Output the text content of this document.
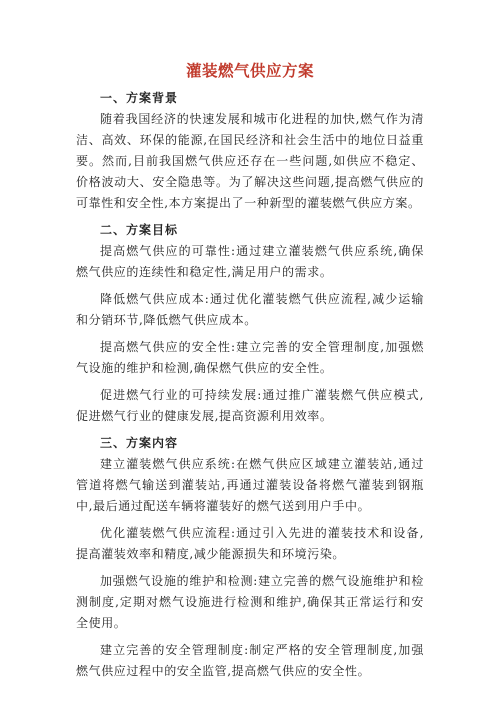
灌装燃气供应方案
一、方案背景

随着我国经济的快速发展和城市化进程的加快,燃气作为清洁、高效、环保的能源,在国民经济和社会生活中的地位日益重要。然而,目前我国燃气供应还存在一些问题,如供应不稳定、价格波动大、安全隐患等。为了解决这些问题,提高燃气供应的可靠性和安全性,本方案提出了一种新型的灌装燃气供应方案。

二、方案目标

提高燃气供应的可靠性:通过建立灌装燃气供应系统,确保燃气供应的连续性和稳定性,满足用户的需求。

降低燃气供应成本:通过优化灌装燃气供应流程,减少运输和分销环节,降低燃气供应成本。

提高燃气供应的安全性:建立完善的安全管理制度,加强燃气设施的维护和检测,确保燃气供应的安全性。

促进燃气行业的可持续发展:通过推广灌装燃气供应模式,促进燃气行业的健康发展,提高资源利用效率。

三、方案内容

建立灌装燃气供应系统:在燃气供应区域建立灌装站,通过管道将燃气输送到灌装站,再通过灌装设备将燃气灌装到钢瓶中,最后通过配送车辆将灌装好的燃气送到用户手中。

优化灌装燃气供应流程:通过引入先进的灌装技术和设备,提高灌装效率和精度,减少能源损失和环境污染。

加强燃气设施的维护和检测:建立完善的燃气设施维护和检测制度,定期对燃气设施进行检测和维护,确保其正常运行和安全使用。

建立完善的安全管理制度:制定严格的安全管理制度,加强燃气供应过程中的安全监管,提高燃气供应的安全性。
